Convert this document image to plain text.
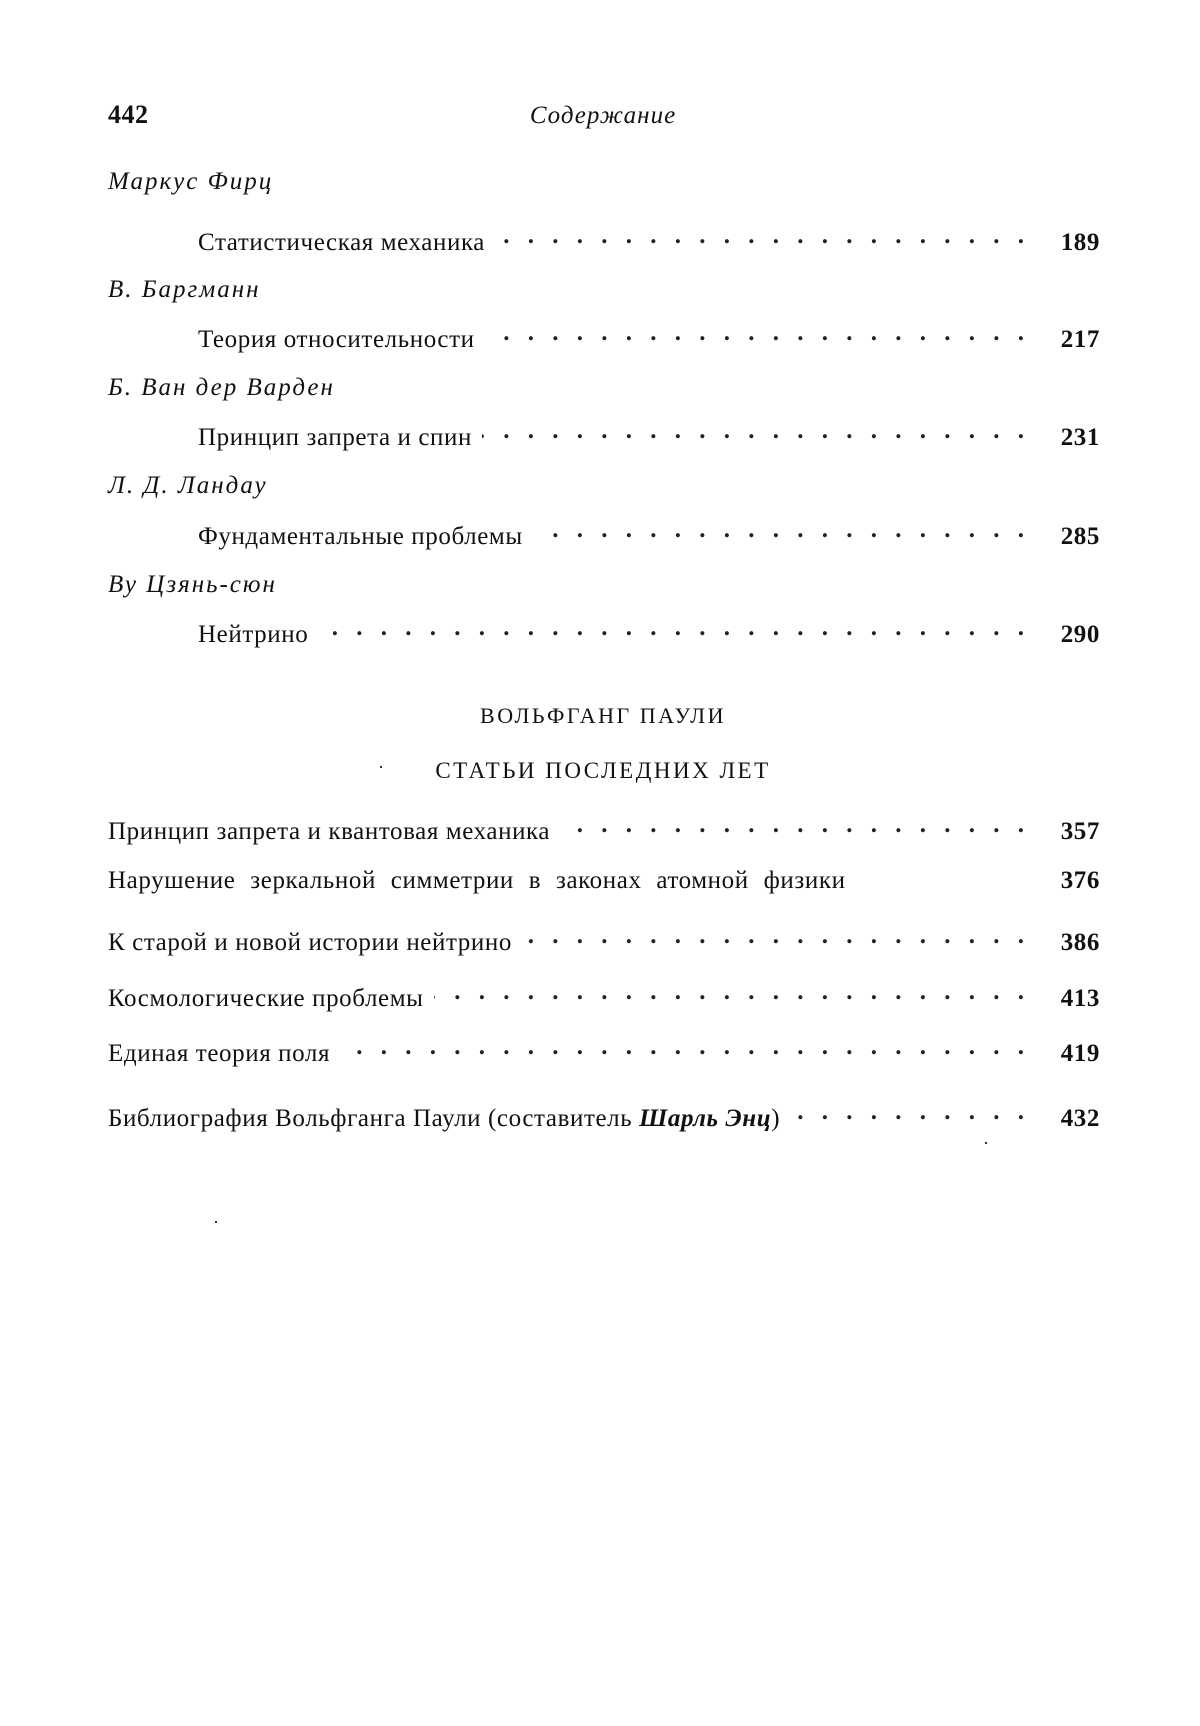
442	Содержание
Маркус Фирц
Статистическая механика . . .	189
В. Баргманн
Теория относительности . . .	217
Б. Ван дер Варден
Принцип запрета и спин . . .	231
Л. Д. Ландау
Фундаментальные проблемы . . .	285
Ву Цзянь-сюн
Нейтрино . . .	290
ВОЛЬФГАНГ ПАУЛИ
СТАТЬИ ПОСЛЕДНИХ ЛЕТ
Принцип запрета и квантовая механика . . .	357
Нарушение зеркальной симметрии в законах атомной физики	376
К старой и новой истории нейтрино . . .	386
Космологические проблемы . . .	413
Единая теория поля . . .	419
Библиография Вольфганга Паули (составитель Шарль Энц) . . .	432
